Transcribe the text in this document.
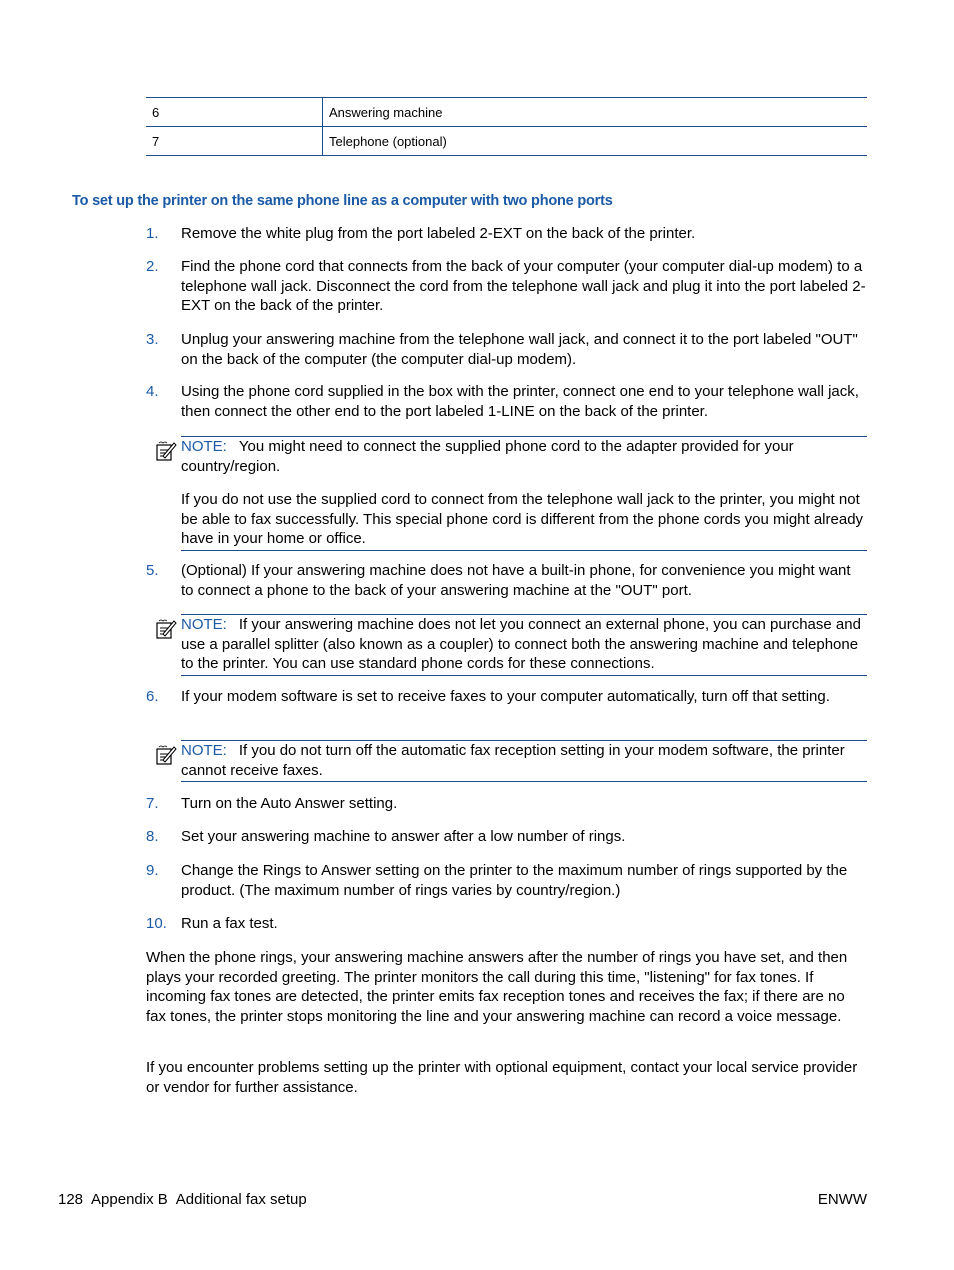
6	Answering machine
7	Telephone (optional)
To set up the printer on the same phone line as a computer with two phone ports
1. Remove the white plug from the port labeled 2-EXT on the back of the printer.
2. Find the phone cord that connects from the back of your computer (your computer dial-up modem) to a telephone wall jack. Disconnect the cord from the telephone wall jack and plug it into the port labeled 2-EXT on the back of the printer.
3. Unplug your answering machine from the telephone wall jack, and connect it to the port labeled "OUT" on the back of the computer (the computer dial-up modem).
4. Using the phone cord supplied in the box with the printer, connect one end to your telephone wall jack, then connect the other end to the port labeled 1-LINE on the back of the printer.

NOTE: You might need to connect the supplied phone cord to the adapter provided for your country/region.

If you do not use the supplied cord to connect from the telephone wall jack to the printer, you might not be able to fax successfully. This special phone cord is different from the phone cords you might already have in your home or office.

5. (Optional) If your answering machine does not have a built-in phone, for convenience you might want to connect a phone to the back of your answering machine at the "OUT" port.

NOTE: If your answering machine does not let you connect an external phone, you can purchase and use a parallel splitter (also known as a coupler) to connect both the answering machine and telephone to the printer. You can use standard phone cords for these connections.

6. If your modem software is set to receive faxes to your computer automatically, turn off that setting.

NOTE: If you do not turn off the automatic fax reception setting in your modem software, the printer cannot receive faxes.

7. Turn on the Auto Answer setting.
8. Set your answering machine to answer after a low number of rings.
9. Change the Rings to Answer setting on the printer to the maximum number of rings supported by the product. (The maximum number of rings varies by country/region.)
10. Run a fax test.

When the phone rings, your answering machine answers after the number of rings you have set, and then plays your recorded greeting. The printer monitors the call during this time, "listening" for fax tones. If incoming fax tones are detected, the printer emits fax reception tones and receives the fax; if there are no fax tones, the printer stops monitoring the line and your answering machine can record a voice message.

If you encounter problems setting up the printer with optional equipment, contact your local service provider or vendor for further assistance.

128 Appendix B Additional fax setup	ENWW
